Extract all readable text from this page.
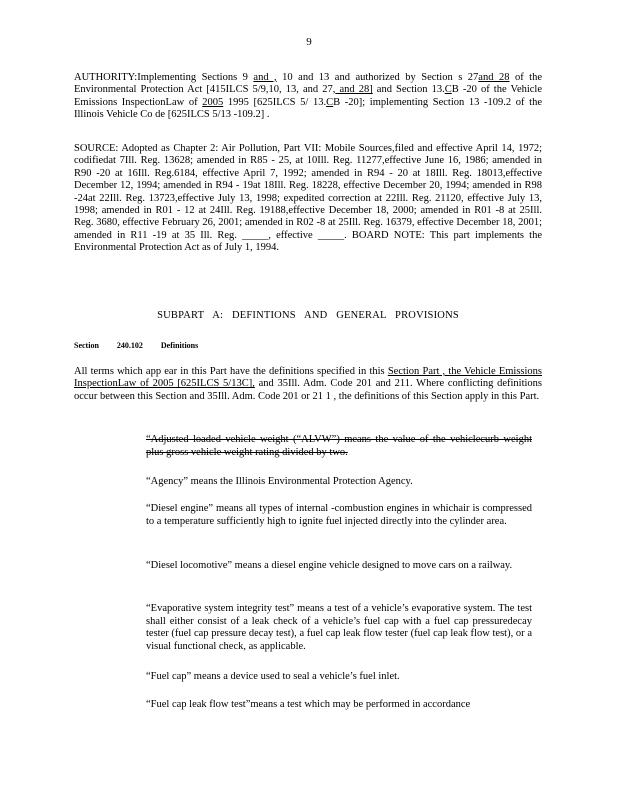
9

AUTHORITY:Implementing Sections 9 and , 10 and 13 and authorized by Section s 27and 28 of the Environmental Protection Act [415ILCS 5/9,10, 13, and 27, and 28] and Section 13.CB -20 of the Vehicle Emissions InspectionLaw of 2005 1995 [625ILCS 5/ 13.CB -20]; implementing Section 13 -109.2 of the Illinois Vehicle Co de [625ILCS 5/13 -109.2] .

SOURCE: Adopted as Chapter 2: Air Pollution, Part VII: Mobile Sources,filed and effective April 14, 1972; codifiedat 7Ill. Reg. 13628; amended in R85 - 25, at 10Ill. Reg. 11277,effective June 16, 1986; amended in R90 -20 at 16Ill. Reg.6184, effective April 7, 1992; amended in R94 - 20 at 18Ill. Reg. 18013,effective December 12, 1994; amended in R94 - 19at 18Ill. Reg. 18228, effective December 20, 1994; amended in R98 -24at 22Ill. Reg. 13723,effective July 13, 1998; expedited correction at 22Ill. Reg. 21120, effective July 13, 1998; amended in R01 - 12 at 24Ill. Reg. 19188,effective December 18, 2000; amended in R01 -8 at 25Ill. Reg. 3680, effective February 26, 2001; amended in R02 -8 at 25Ill. Reg. 16379, effective December 18, 2001; amended in R11 -19 at 35 Ill. Reg. _____, effective _____. BOARD NOTE: This part implements the Environmental Protection Act as of July 1, 1994.

SUBPART A: DEFINTIONS AND GENERAL PROVISIONS
Section 240.102 Definitions

All terms which app ear in this Part have the definitions specified in this Section Part , the Vehicle Emissions InspectionLaw of 2005 [625ILCS 5/13C], and 35Ill. Adm. Code 201 and 211. Where conflicting definitions occur between this Section and 35Ill. Adm. Code 201 or 21 1 , the definitions of this Section apply in this Part.

“Adjusted loaded vehicle weight (“ALVW”) means the value of the vehiclecurb weight plus gross vehicle weight rating divided by two.

“Agency” means the Illinois Environmental Protection Agency.

“Diesel engine” means all types of internal -combustion engines in whichair is compressed to a temperature sufficiently high to ignite fuel injected directly into the cylinder area.

“Diesel locomotive” means a diesel engine vehicle designed to move cars on a railway.

“Evaporative system integrity test” means a test of a vehicle’s evaporative system. The test shall either consist of a leak check of a vehicle’s fuel cap with a fuel cap pressuredecay tester (fuel cap pressure decay test), a fuel cap leak flow tester (fuel cap leak flow test), or a visual functional check, as applicable.

“Fuel cap” means a device used to seal a vehicle’s fuel inlet.

“Fuel cap leak flow test”means a test which may be performed in accordance
